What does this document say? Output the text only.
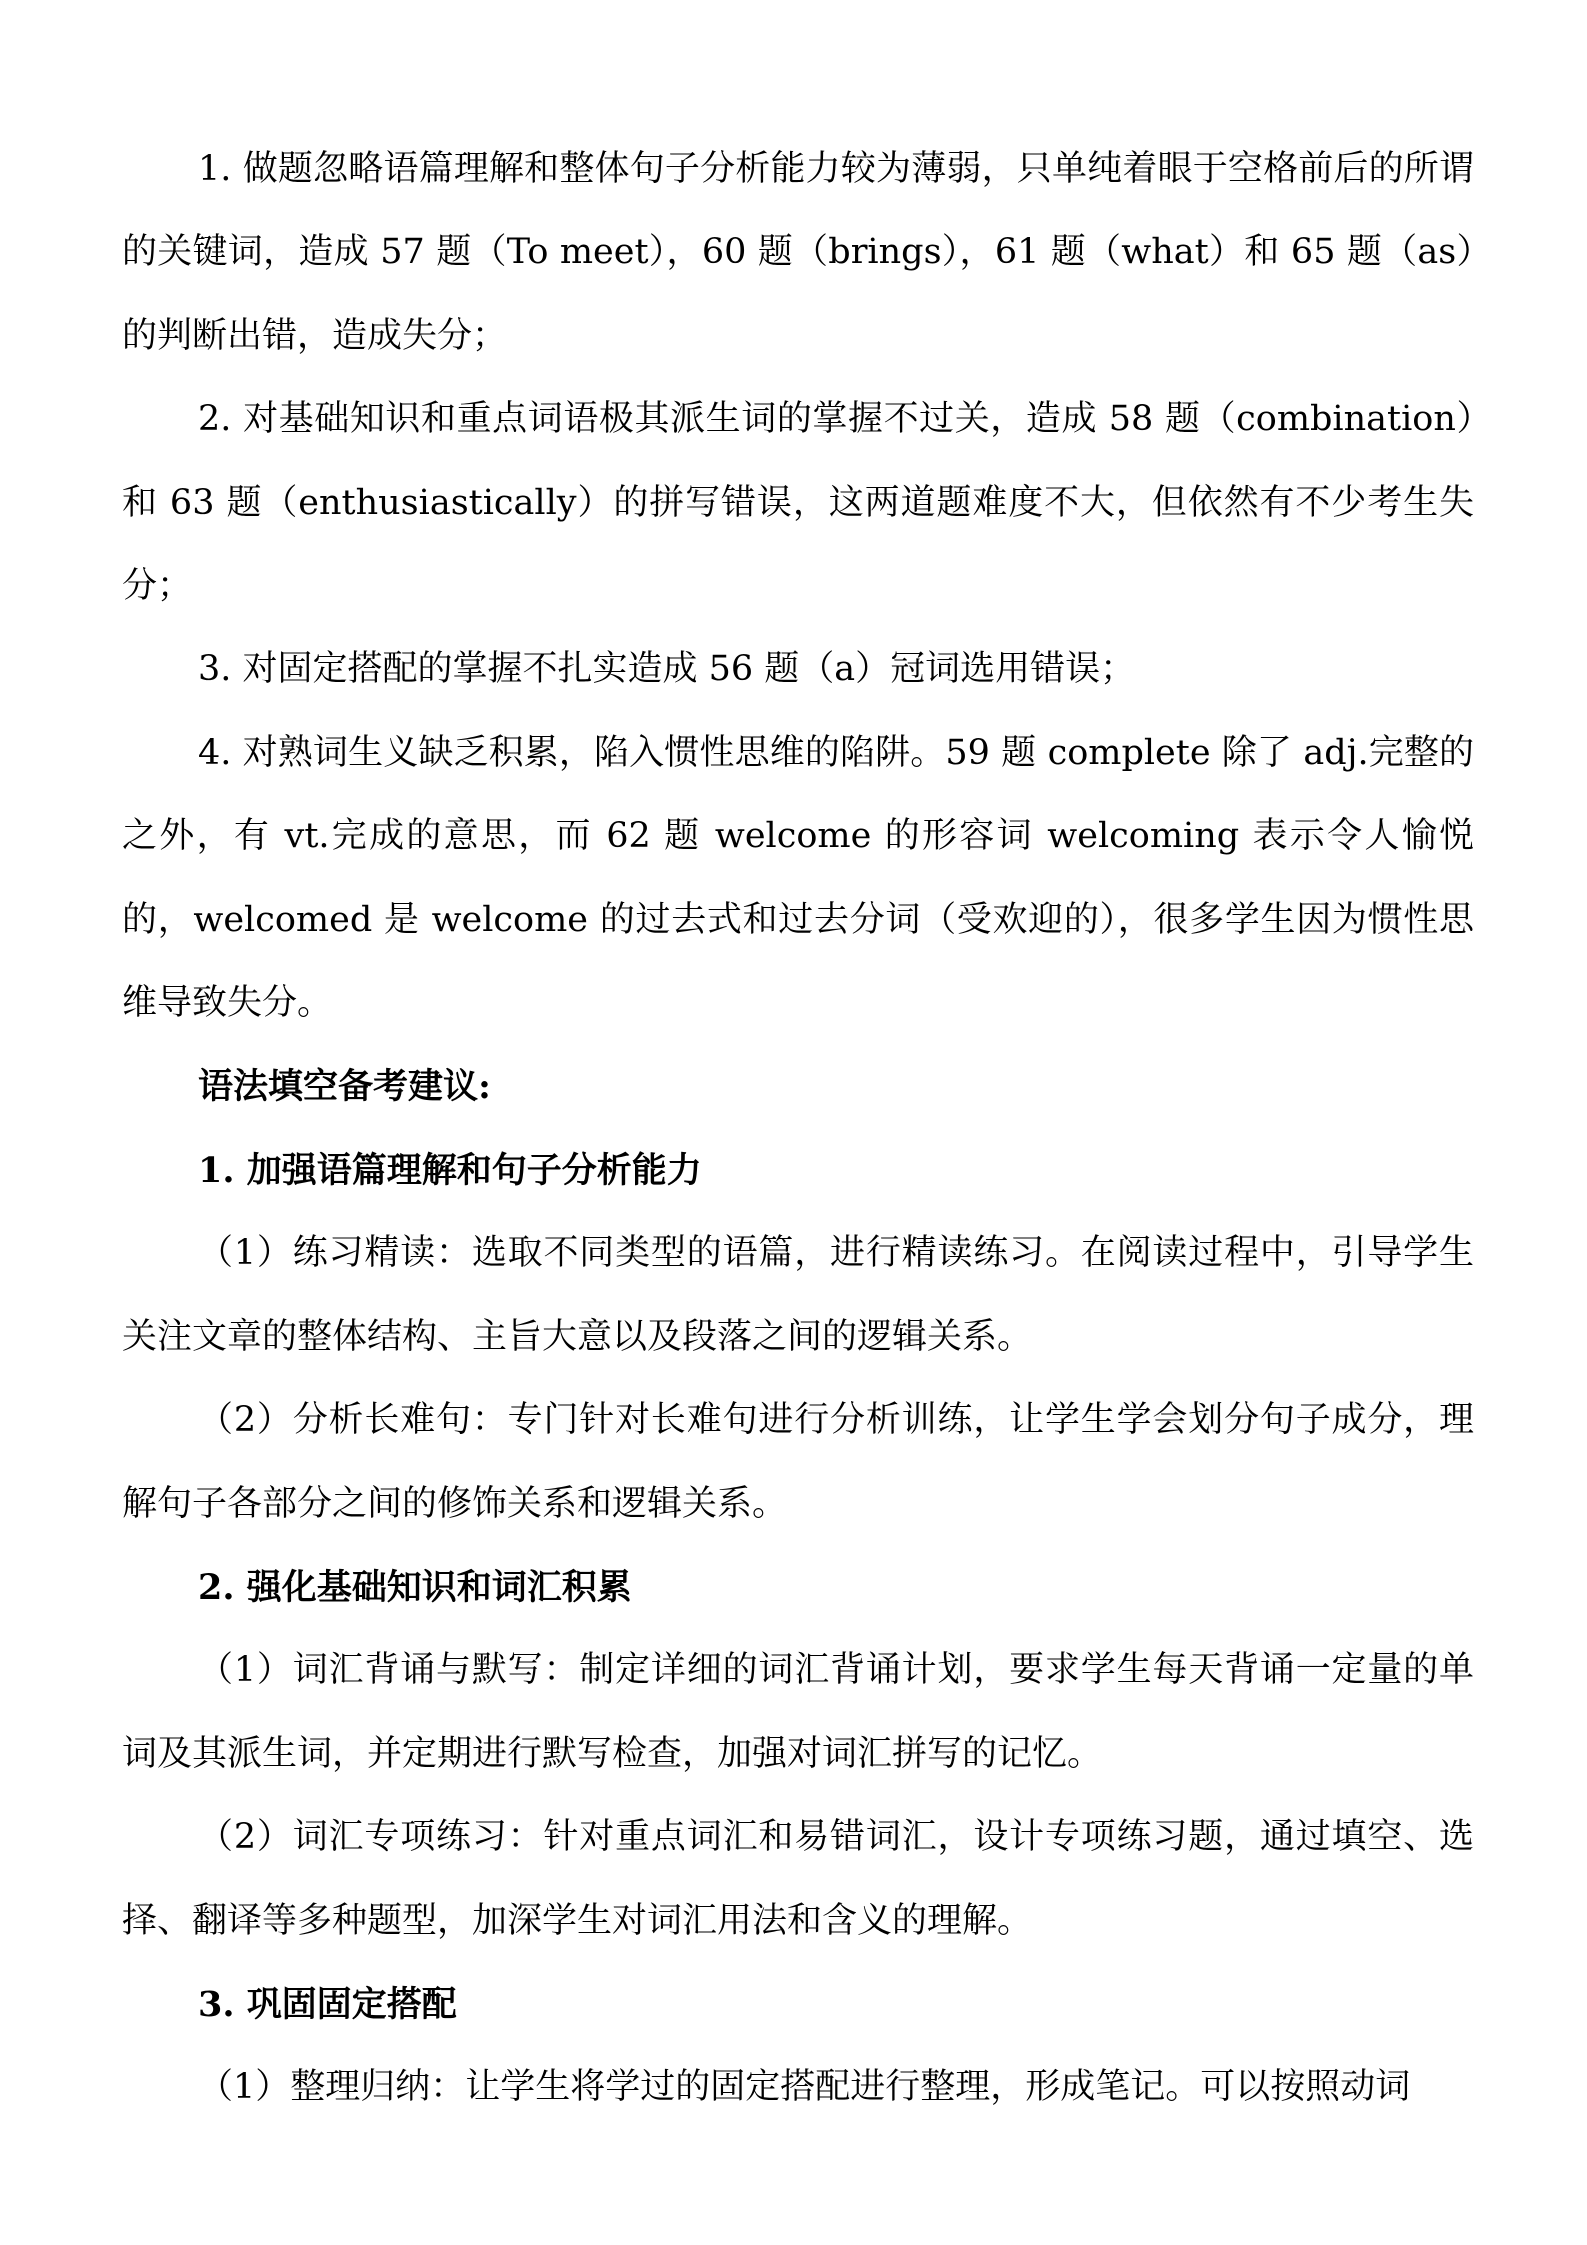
1. 做题忽略语篇理解和整体句子分析能力较为薄弱，只单纯着眼于空格前后的所谓的关键词，造成 57 题（To meet），60 题（brings），61 题（what）和 65 题（as）的判断出错，造成失分；

2. 对基础知识和重点词语极其派生词的掌握不过关，造成 58 题（combination）和 63 题（enthusiastically）的拼写错误，这两道题难度不大，但依然有不少考生失分；

3. 对固定搭配的掌握不扎实造成 56 题（a）冠词选用错误；

4. 对熟词生义缺乏积累，陷入惯性思维的陷阱。59 题 complete 除了 adj.完整的之外，有 vt.完成的意思，而 62 题 welcome 的形容词 welcoming 表示令人愉悦的，welcomed 是 welcome 的过去式和过去分词（受欢迎的），很多学生因为惯性思维导致失分。

语法填空备考建议:

1. 加强语篇理解和句子分析能力

（1）练习精读：选取不同类型的语篇，进行精读练习。在阅读过程中，引导学生关注文章的整体结构、主旨大意以及段落之间的逻辑关系。

（2）分析长难句：专门针对长难句进行分析训练，让学生学会划分句子成分，理解句子各部分之间的修饰关系和逻辑关系。

2. 强化基础知识和词汇积累

（1）词汇背诵与默写：制定详细的词汇背诵计划，要求学生每天背诵一定量的单词及其派生词，并定期进行默写检查，加强对词汇拼写的记忆。

（2）词汇专项练习：针对重点词汇和易错词汇，设计专项练习题，通过填空、选择、翻译等多种题型，加深学生对词汇用法和含义的理解。

3. 巩固固定搭配

（1）整理归纳：让学生将学过的固定搭配进行整理，形成笔记。可以按照动词
